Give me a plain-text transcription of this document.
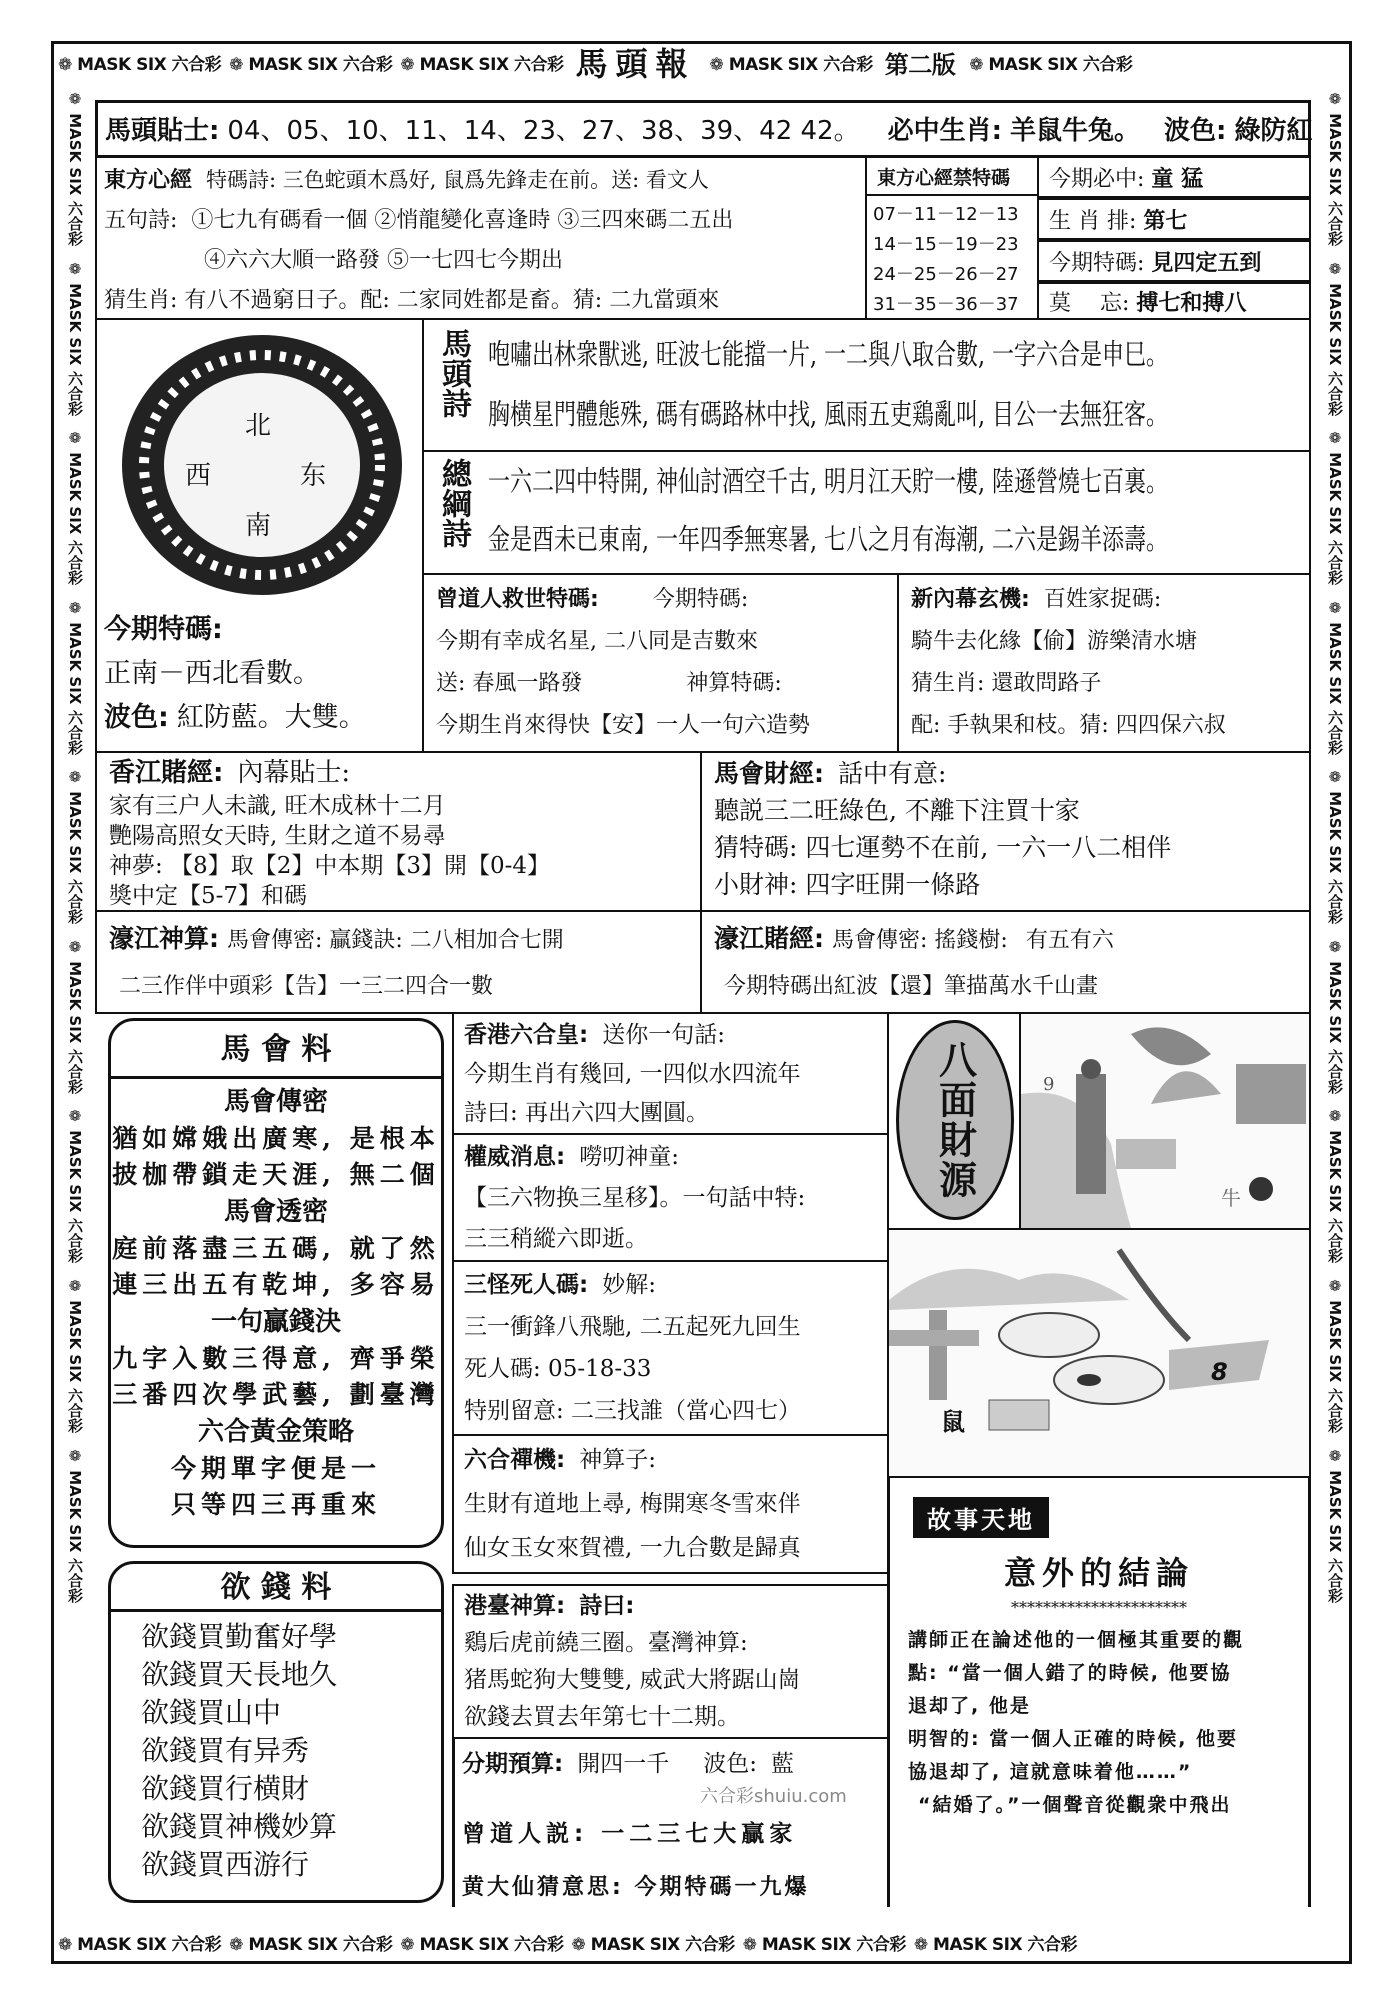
❁ MASK SIX 六合彩 ❁ MASK SIX 六合彩 ❁ MASK SIX 六合彩 馬頭報 ❁ MASK SIX 六合彩 第二版 ❁ MASK SIX 六合彩
❁ MASK SIX 六合彩 ❁ MASK SIX 六合彩 ❁ MASK SIX 六合彩 ❁ MASK SIX 六合彩 ❁ MASK SIX 六合彩 ❁ MASK SIX 六合彩
❁ MASK SIX 六合彩❁ MASK SIX 六合彩❁ MASK SIX 六合彩❁ MASK SIX 六合彩❁ MASK SIX 六合彩❁ MASK SIX 六合彩❁ MASK SIX 六合彩❁ MASK SIX 六合彩❁ MASK SIX 六合彩
❁ MASK SIX 六合彩❁ MASK SIX 六合彩❁ MASK SIX 六合彩❁ MASK SIX 六合彩❁ MASK SIX 六合彩❁ MASK SIX 六合彩❁ MASK SIX 六合彩❁ MASK SIX 六合彩❁ MASK SIX 六合彩
馬頭貼士: 04、05、10、11、14、23、27、38、39、42 42。 必中生肖: 羊鼠牛兔。 波色: 綠防紅
東方心經 特碼詩: 三色蛇頭木爲好, 鼠爲先鋒走在前。送: 看文人
五句詩: ①七九有碼看一個 ②悄龍變化喜逢時 ③三四來碼二五出
④六六大順一路發 ⑤一七四七今期出
猜生肖: 有八不過窮日子。配: 二家同姓都是畜。猜: 二九當頭來
東方心經禁特碼
07－11－12－13
14－15－19－23
24－25－26－27
31－35－36－37
今期必中:
童 猛
生 肖 排:
第七
今期特碼:
見四定五到
莫　 忘:
搏七和搏八
北
西	东
南
今期特碼:
正南－西北看數。
波色: 紅防藍。大雙。
馬頭詩 咆嘯出林衆獸逃, 旺波七能擋一片, 一二與八取合數, 一字六合是申巳。
胸横星門體態殊, 碼有碼路林中找, 風雨五吏鶏亂叫, 目公一去無狂客。
總綱詩 一六二四中特開, 神仙討酒空千古, 明月江天貯一樓, 陸遜營燒七百裏。
金是酉未已東南, 一年四季無寒暑, 七八之月有海潮, 二六是錫羊添壽。
曾道人救世特碼: 今期特碼:
今期有幸成名星, 二八同是吉數來
送: 春風一路發	神算特碼:
今期生肖來得快【安】一人一句六造勢
新內幕玄機: 百姓家捉碼:
騎牛去化緣【偷】游樂清水塘
猜生肖: 還敢問路子
配: 手執果和枝。猜: 四四保六叔
香江賭經: 內幕貼士:
家有三户人未識, 旺木成林十二月
艷陽高照女天時, 生財之道不易尋
神夢: 【8】取【2】中本期【3】開【0-4】
獎中定【5-7】和碼
馬會財經: 話中有意:
聽説三二旺綠色, 不離下注買十家
猜特碼: 四七運勢不在前, 一六一八二相伴
小財神: 四字旺開一條路
濠江神算: 馬會傳密: 贏錢訣: 二八相加合七開
二三作伴中頭彩【告】一三二四合一數
濠江賭經: 馬會傳密: 搖錢樹: 有五有六
今期特碼出紅波【還】筆描萬水千山畫
馬 會 料
馬會傳密
猶如嫦娥出廣寒, 是根本
披枷帶鎖走天涯, 無二個
馬會透密
庭前落盡三五碼, 就了然
連三出五有乾坤, 多容易
一句贏錢決
九字入數三得意, 齊爭榮
三番四次學武藝, 劃臺灣
六合黃金策略
今期單字便是一
只等四三再重來
欲 錢 料
欲錢買勤奮好學
欲錢買天長地久
欲錢買山中
欲錢買有异秀
欲錢買行横財
欲錢買神機妙算
欲錢買西游行
香港六合皇: 送你一句話:
今期生肖有幾回, 一四似水四流年
詩曰: 再出六四大團圓。
權威消息: 嘮叨神童:
【三六物换三星移】。一句話中特:
三三稍縱六即逝。
三怪死人碼: 妙解:
三一衝鋒八飛馳, 二五起死九回生
死人碼: 05-18-33
特别留意: 二三找誰（當心四七）
六合禪機: 神算子:
生財有道地上尋, 梅開寒冬雪來伴
仙女玉女來賀禮, 一九合數是歸真
港臺神算: 詩曰:
鷄后虎前繞三圈。臺灣神算:
猪馬蛇狗大雙雙, 威武大將踞山崗
欲錢去買去年第七十二期。
分期預算: 開四一千 波色: 藍
六合彩shuiu.com
曾道人説: 一二三七大贏家
黄大仙猜意思: 今期特碼一九爆
八面財源	9
牛
8
鼠
故事天地
意外的結論
**********************
講師正在論述他的一個極其重要的觀
點: “當一個人錯了的時候, 他要協
退却了, 他是
明智的: 當一個人正確的時候, 他要
協退却了, 這就意味着他……”
“結婚了。”一個聲音從觀衆中飛出
